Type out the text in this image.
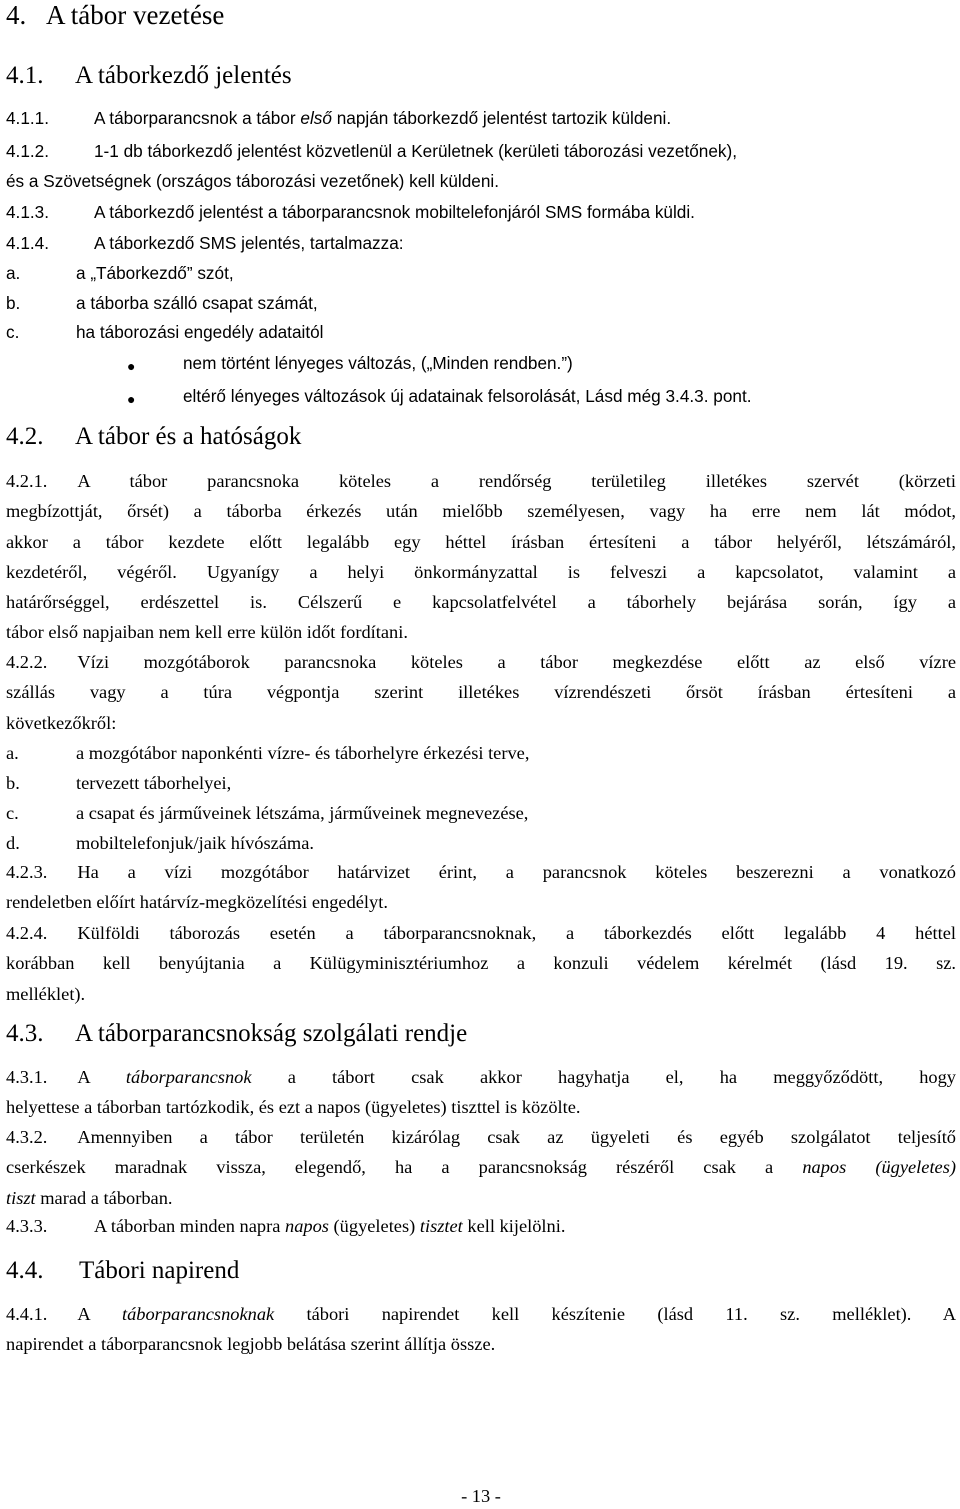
4. A tábor vezetése
4.1. A táborkezdő jelentés
4.1.1.	A táborparancsnok a tábor első napján táborkezdő jelentést tartozik küldeni.
4.1.2.	1-1 db táborkezdő jelentést közvetlenül a Kerületnek (kerületi táborozási vezetőnek),
és a Szövetségnek (országos táborozási vezetőnek) kell küldeni.
4.1.3.	A táborkezdő jelentést a táborparancsnok mobiltelefonjáról SMS formába küldi.
4.1.4.	A táborkezdő SMS jelentés, tartalmazza:
a.	a „Táborkezdő” szót,
b.	a táborba szálló csapat számát,
c.	ha táborozási engedély adataitól
●	nem történt lényeges változás, („Minden rendben.”)
●	eltérő lényeges változások új adatainak felsorolását, Lásd még 3.4.3. pont.
4.2. A tábor és a hatóságok
4.2.1. A tábor parancsnoka köteles a rendőrség területileg illetékes szervét (körzeti
megbízottját, őrsét) a táborba érkezés után mielőbb személyesen, vagy ha erre nem lát módot,
akkor a tábor kezdete előtt legalább egy héttel írásban értesíteni a tábor helyéről, létszámáról,
kezdetéről, végéről. Ugyanígy a helyi önkormányzattal is felveszi a kapcsolatot, valamint a
határőrséggel, erdészettel is. Célszerű e kapcsolatfelvétel a táborhely bejárása során, így a
tábor első napjaiban nem kell erre külön időt fordítani.
4.2.2. Vízi mozgótáborok parancsnoka köteles a tábor megkezdése előtt az első vízre
szállás vagy a túra végpontja szerint illetékes vízrendészeti őrsöt írásban értesíteni a
következőkről:
a.	a mozgótábor naponkénti vízre- és táborhelyre érkezési terve,
b.	tervezett táborhelyei,
c.	a csapat és járműveinek létszáma, járműveinek megnevezése,
d.	mobiltelefonjuk/jaik hívószáma.
4.2.3. Ha a vízi mozgótábor határvizet érint, a parancsnok köteles beszerezni a vonatkozó
rendeletben előírt határvíz-megközelítési engedélyt.
4.2.4. Külföldi táborozás esetén a táborparancsnoknak, a táborkezdés előtt legalább 4 héttel
korábban kell benyújtania a Külügyminisztériumhoz a konzuli védelem kérelmét (lásd 19. sz.
melléklet).
4.3. A táborparancsnokság szolgálati rendje
4.3.1. A táborparancsnok a tábort csak akkor hagyhatja el, ha meggyőződött, hogy
helyettese a táborban tartózkodik, és ezt a napos (ügyeletes) tiszttel is közölte.
4.3.2. Amennyiben a tábor területén kizárólag csak az ügyeleti és egyéb szolgálatot teljesítő
cserkészek maradnak vissza, elegendő, ha a parancsnokság részéről csak a napos (ügyeletes)
tiszt marad a táborban.
4.3.3.	A táborban minden napra napos (ügyeletes) tisztet kell kijelölni.
4.4. Tábori napirend
4.4.1. A táborparancsnoknak tábori napirendet kell készítenie (lásd 11. sz. melléklet). A
napirendet a táborparancsnok legjobb belátása szerint állítja össze.
- 13 -
